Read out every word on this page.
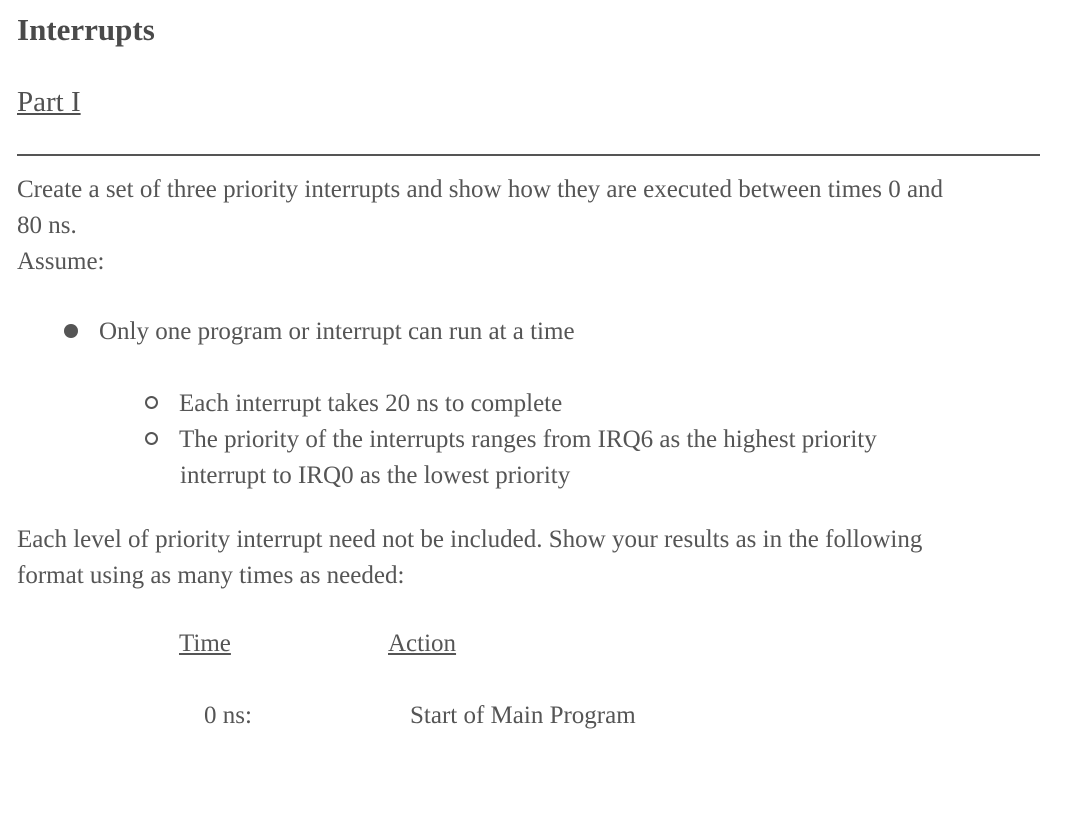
Interrupts
Part I
Create a set of three priority interrupts and show how they are executed between times 0 and
80 ns.
Assume:
Only one program or interrupt can run at a time
Each interrupt takes 20 ns to complete
The priority of the interrupts ranges from IRQ6 as the highest priority
interrupt to IRQ0 as the lowest priority
Each level of priority interrupt need not be included. Show your results as in the following
format using as many times as needed:
Time	Action
0 ns:	Start of Main Program
